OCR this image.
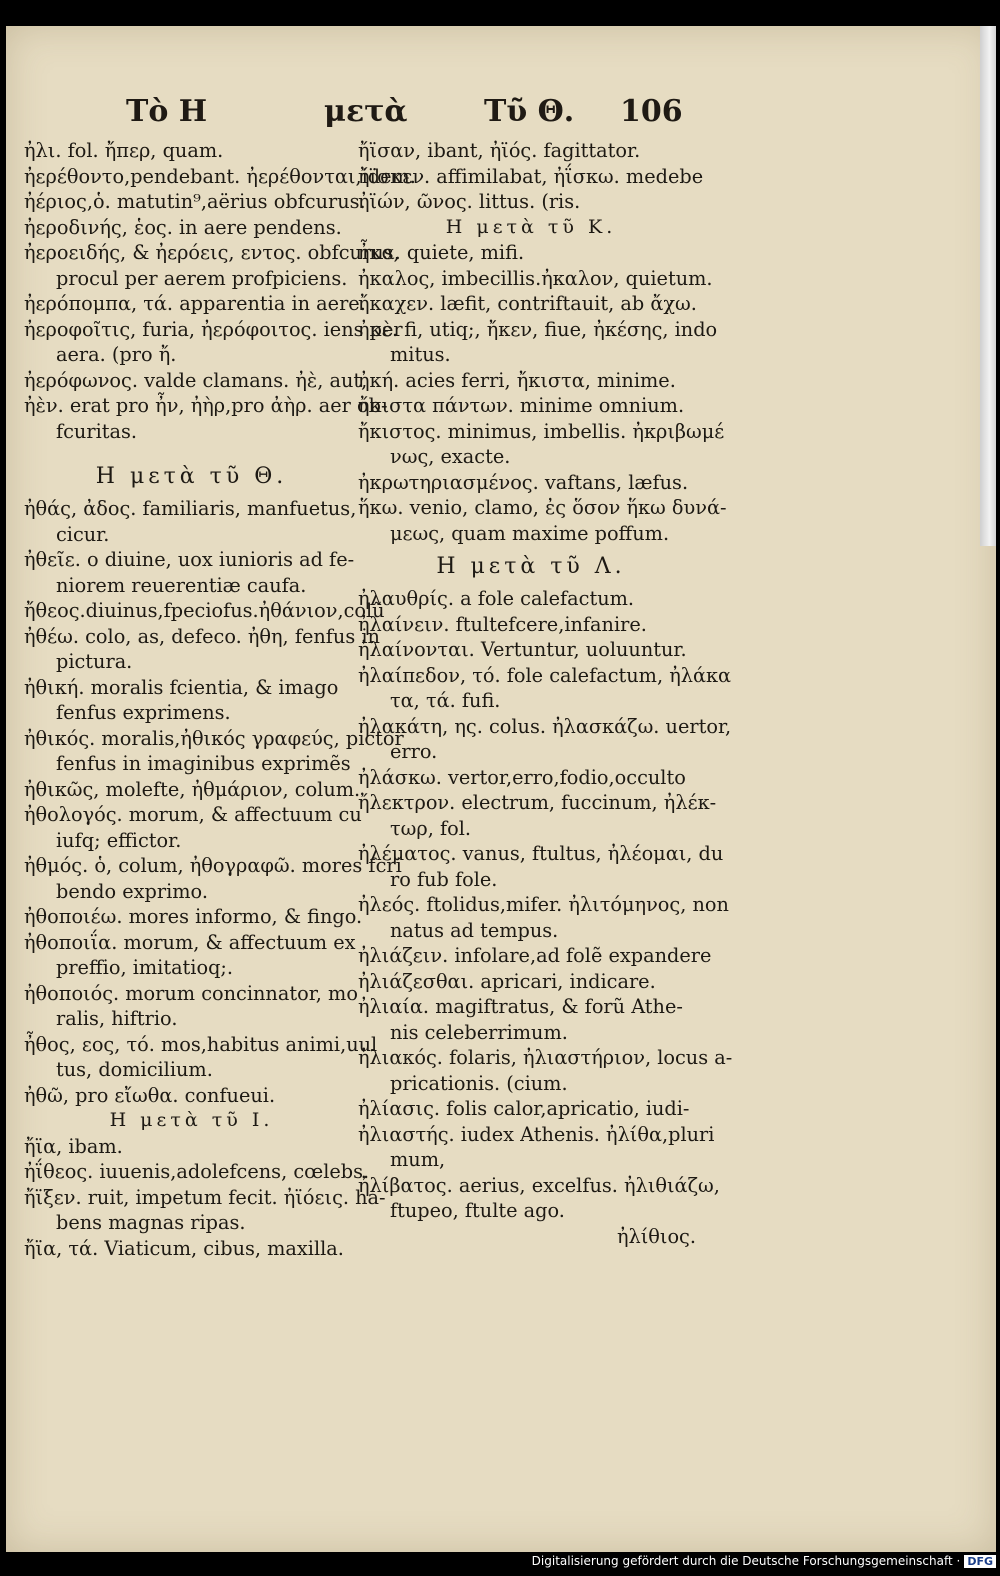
Τὸ Η	μετὰ	Τῦ Θ. 106
ἠλι. fol. ἤπερ, quam.
ἠερέθοντο,pendebant. ἠερέθονται,idem.
ἠέριος,ὁ. matutin⁹,aërius obfcurus.
ἠεροδινής, ἑος. in aere pendens.
ἠεροειδής, & ἠερόεις, εντος. obfcurus,
procul per aerem profpiciens.
ἠερόπομπα, τά. apparentia in aere.
ἠεροφοῖτις, furia, ἠερόφοιτος. iens per
aera. (pro ἤ.
ἠερόφωνος. valde clamans. ἠὲ, aut,
ἠὲν. erat pro ἦν, ἠὴρ,pro ἀὴρ. aer ob-
fcuritas.
Η μετὰ τῦ Θ.
ἠθάς, ἀδος. familiaris, manfuetus,
cicur.
ἠθεῖε. o diuine, uox iunioris ad fe-
niorem reuerentiæ caufa.
ἤθεος.diuinus,fpeciofus.ἠθάνιον,colũ
ἠθέω. colo, as, defeco. ἠθη, fenfus in
pictura.
ἠθική. moralis fcientia, & imago
fenfus exprimens.
ἠθικός. moralis,ἠθικός γραφεύς, pictor
fenfus in imaginibus exprimẽs
ἠθικῶς, molefte, ἠθμάριον, colum.
ἠθολογός. morum, & affectuum cu
iufq; effictor.
ἠθμός. ὁ, colum, ἠθογραφῶ. mores fcri
bendo exprimo.
ἠθοποιέω. mores informo, & fingo.
ἠθοποιΐα. morum, & affectuum ex
preffio, imitatioq;.
ἠθοποιός. morum concinnator, mo
ralis, hiftrio.
ἦθος, εος, τό. mos,habitus animi,uul
tus, domicilium.
ἠθῶ, pro εἴωθα. confueui.
Η μετὰ τῦ Ι.
ἤϊα, ibam.
ἠΐθεος. iuuenis,adolefcens, cœlebs.
ἤϊξεν. ruit, impetum fecit. ἠϊόεις. ha-
bens magnas ripas.
ἤϊα, τά. Viaticum, cibus, maxilla.
ἤϊσαν, ibant, ἠϊός. fagittator.
ἤϊσκεν. affimilabat, ἠΐσκω. medebe
ἠϊών, ῶνος. littus. (ris.
Η μετὰ τῦ Κ.
ἦκα. quiete, mifi.
ἠκαλος, imbecillis.ἠκαλον, quietum.
ἤκαχεν. læfit, contriftauit, ab ἄχω.
ἠκὲ. fi, utiq;, ἤκεν, fiue, ἠκέσης, indo
mitus.
ἠκή. acies ferri, ἤκιστα, minime.
ἤκιστα πάντων. minime omnium.
ἤκιστος. minimus, imbellis. ἠκριβωμέ
νως, exacte.
ἠκρωτηριασμένος. vaftans, læfus.
ἥκω. venio, clamo, ἐς ὅσον ἥκω δυνά-
μεως, quam maxime poffum.
Η μετὰ τῦ Λ.
ἠλαυθρίς. a fole calefactum.
ἠλαίνειν. ftultefcere,infanire.
ἠλαίνονται. Vertuntur, uoluuntur.
ἠλαίπεδον, τό. fole calefactum, ἠλάκα
τα, τά. fufi.
ἠλακάτη, ης. colus. ἠλασκάζω. uertor,
erro.
ἠλάσκω. vertor,erro,fodio,occulto
ἤλεκτρον. electrum, fuccinum, ἠλέκ-
τωρ, fol.
ἠλέματος. vanus, ftultus, ἠλέομαι, du
ro fub fole.
ἠλεός. ftolidus,mifer. ἠλιτόμηνος, non
natus ad tempus.
ἠλιάζειν. infolare,ad folẽ expandere
ἠλιάζεσθαι. apricari, indicare.
ἠλιαία. magiftratus, & forũ Athe-
nis celeberrimum.
ἠλιακός. folaris, ἠλιαστήριον, locus a-
pricationis. (cium.
ἠλίασις. folis calor,apricatio, iudi-
ἠλιαστής. iudex Athenis. ἠλίθα,pluri
mum,
ἠλίβατος. aerius, excelfus. ἠλιθιάζω,
ftupeo, ftulte ago.
ἠλίθιος.
Digitalisierung gefördert durch die Deutsche Forschungsgemeinschaft · DFG
